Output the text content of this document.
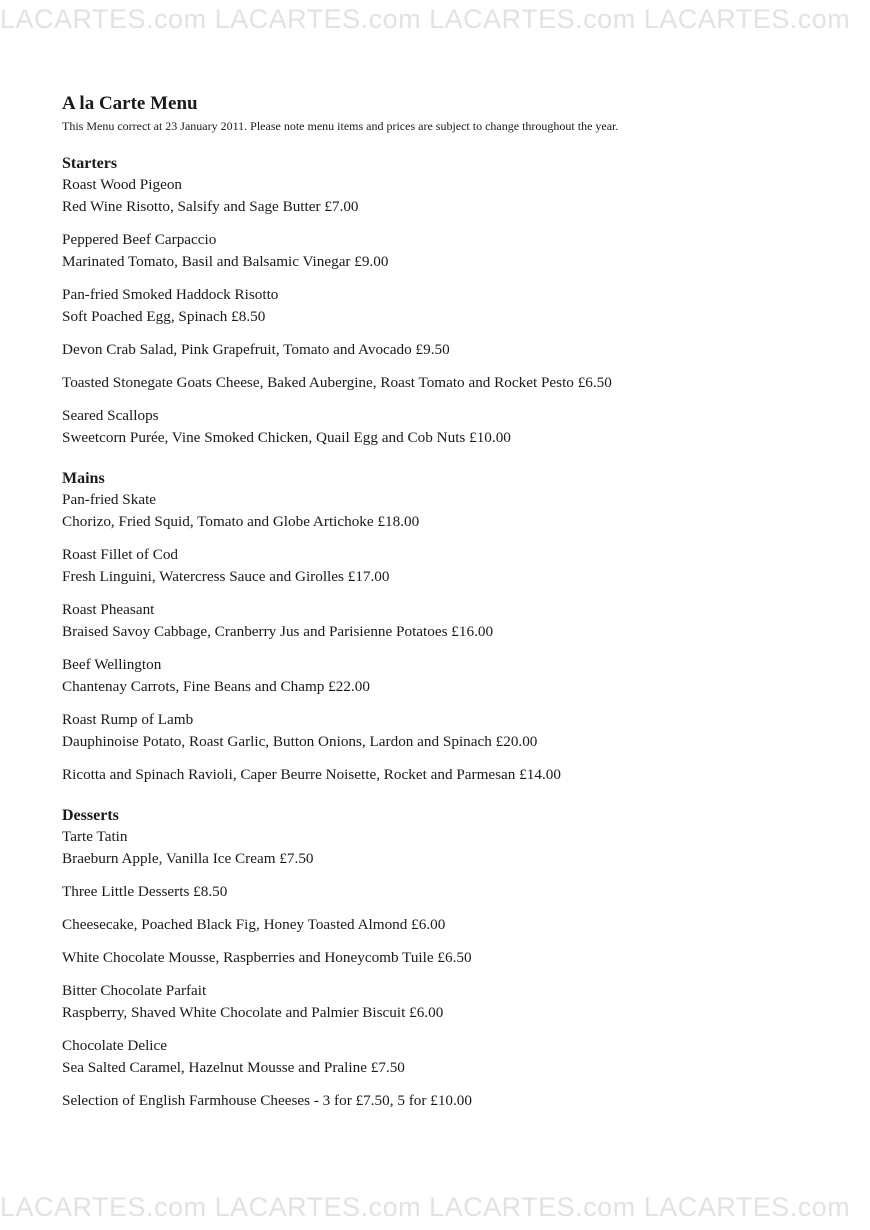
LACARTES.com LACARTES.com LACARTES.com LACARTES.com
A la Carte Menu

This Menu correct at 23 January 2011. Please note menu items and prices are subject to change throughout the year.

Starters
Roast Wood Pigeon
Red Wine Risotto, Salsify and Sage Butter £7.00
Peppered Beef Carpaccio
Marinated Tomato, Basil and Balsamic Vinegar £9.00
Pan-fried Smoked Haddock Risotto
Soft Poached Egg, Spinach £8.50
Devon Crab Salad, Pink Grapefruit, Tomato and Avocado £9.50
Toasted Stonegate Goats Cheese, Baked Aubergine, Roast Tomato and Rocket Pesto £6.50
Seared Scallops
Sweetcorn Purée, Vine Smoked Chicken, Quail Egg and Cob Nuts £10.00
Mains
Pan-fried Skate
Chorizo, Fried Squid, Tomato and Globe Artichoke £18.00
Roast Fillet of Cod
Fresh Linguini, Watercress Sauce and Girolles £17.00
Roast Pheasant
Braised Savoy Cabbage, Cranberry Jus and Parisienne Potatoes £16.00
Beef Wellington
Chantenay Carrots, Fine Beans and Champ £22.00
Roast Rump of Lamb
Dauphinoise Potato, Roast Garlic, Button Onions, Lardon and Spinach £20.00
Ricotta and Spinach Ravioli, Caper Beurre Noisette, Rocket and Parmesan £14.00
Desserts
Tarte Tatin
Braeburn Apple, Vanilla Ice Cream £7.50
Three Little Desserts £8.50
Cheesecake, Poached Black Fig, Honey Toasted Almond £6.00
White Chocolate Mousse, Raspberries and Honeycomb Tuile £6.50
Bitter Chocolate Parfait
Raspberry, Shaved White Chocolate and Palmier Biscuit £6.00
Chocolate Delice
Sea Salted Caramel, Hazelnut Mousse and Praline £7.50
Selection of English Farmhouse Cheeses - 3 for £7.50, 5 for £10.00
LACARTES.com LACARTES.com LACARTES.com LACARTES.com
